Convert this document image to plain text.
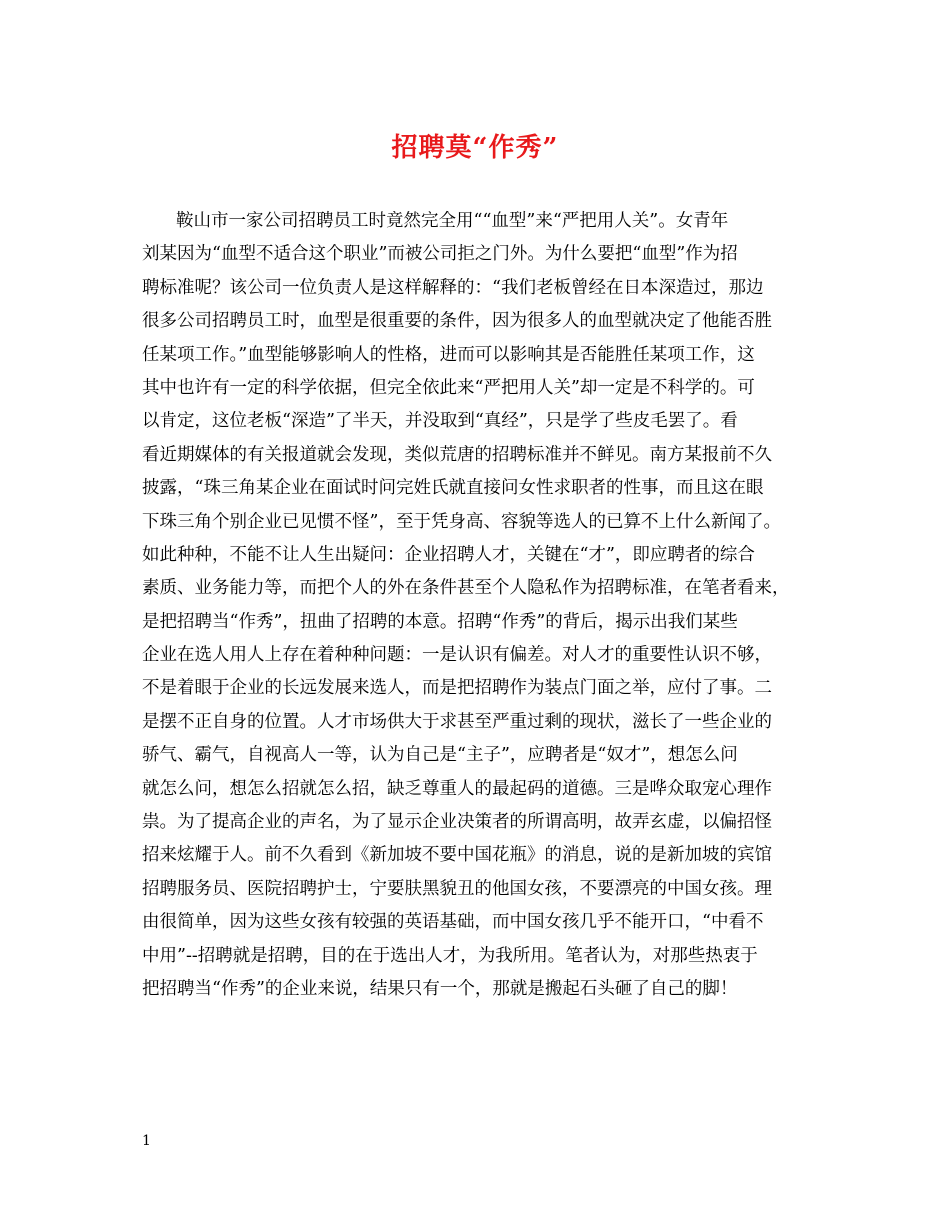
招聘莫“作秀”
鞍山市一家公司招聘员工时竟然完全用““血型”来“严把用人关”。女青年
刘某因为“血型不适合这个职业”而被公司拒之门外。为什么要把“血型”作为招
聘标准呢？该公司一位负责人是这样解释的：“我们老板曾经在日本深造过，那边
很多公司招聘员工时，血型是很重要的条件，因为很多人的血型就决定了他能否胜
任某项工作。”血型能够影响人的性格，进而可以影响其是否能胜任某项工作，这
其中也许有一定的科学依据，但完全依此来“严把用人关”却一定是不科学的。可
以肯定，这位老板“深造”了半天，并没取到“真经”，只是学了些皮毛罢了。看
看近期媒体的有关报道就会发现，类似荒唐的招聘标准并不鲜见。南方某报前不久
披露，“珠三角某企业在面试时问完姓氏就直接问女性求职者的性事，而且这在眼
下珠三角个别企业已见惯不怪”，至于凭身高、容貌等选人的已算不上什么新闻了。
如此种种，不能不让人生出疑问：企业招聘人才，关键在“才”，即应聘者的综合
素质、业务能力等，而把个人的外在条件甚至个人隐私作为招聘标准，在笔者看来，
是把招聘当“作秀”，扭曲了招聘的本意。招聘“作秀”的背后，揭示出我们某些
企业在选人用人上存在着种种问题：一是认识有偏差。对人才的重要性认识不够，
不是着眼于企业的长远发展来选人，而是把招聘作为装点门面之举，应付了事。二
是摆不正自身的位置。人才市场供大于求甚至严重过剩的现状，滋长了一些企业的
骄气、霸气，自视高人一等，认为自己是“主子”，应聘者是“奴才”，想怎么问
就怎么问，想怎么招就怎么招，缺乏尊重人的最起码的道德。三是哗众取宠心理作
祟。为了提高企业的声名，为了显示企业决策者的所谓高明，故弄玄虚，以偏招怪
招来炫耀于人。前不久看到《新加坡不要中国花瓶》的消息，说的是新加坡的宾馆
招聘服务员、医院招聘护士，宁要肤黑貌丑的他国女孩，不要漂亮的中国女孩。理
由很简单，因为这些女孩有较强的英语基础，而中国女孩几乎不能开口，“中看不
中用”--招聘就是招聘，目的在于选出人才，为我所用。笔者认为，对那些热衷于
把招聘当“作秀”的企业来说，结果只有一个，那就是搬起石头砸了自己的脚！
1
